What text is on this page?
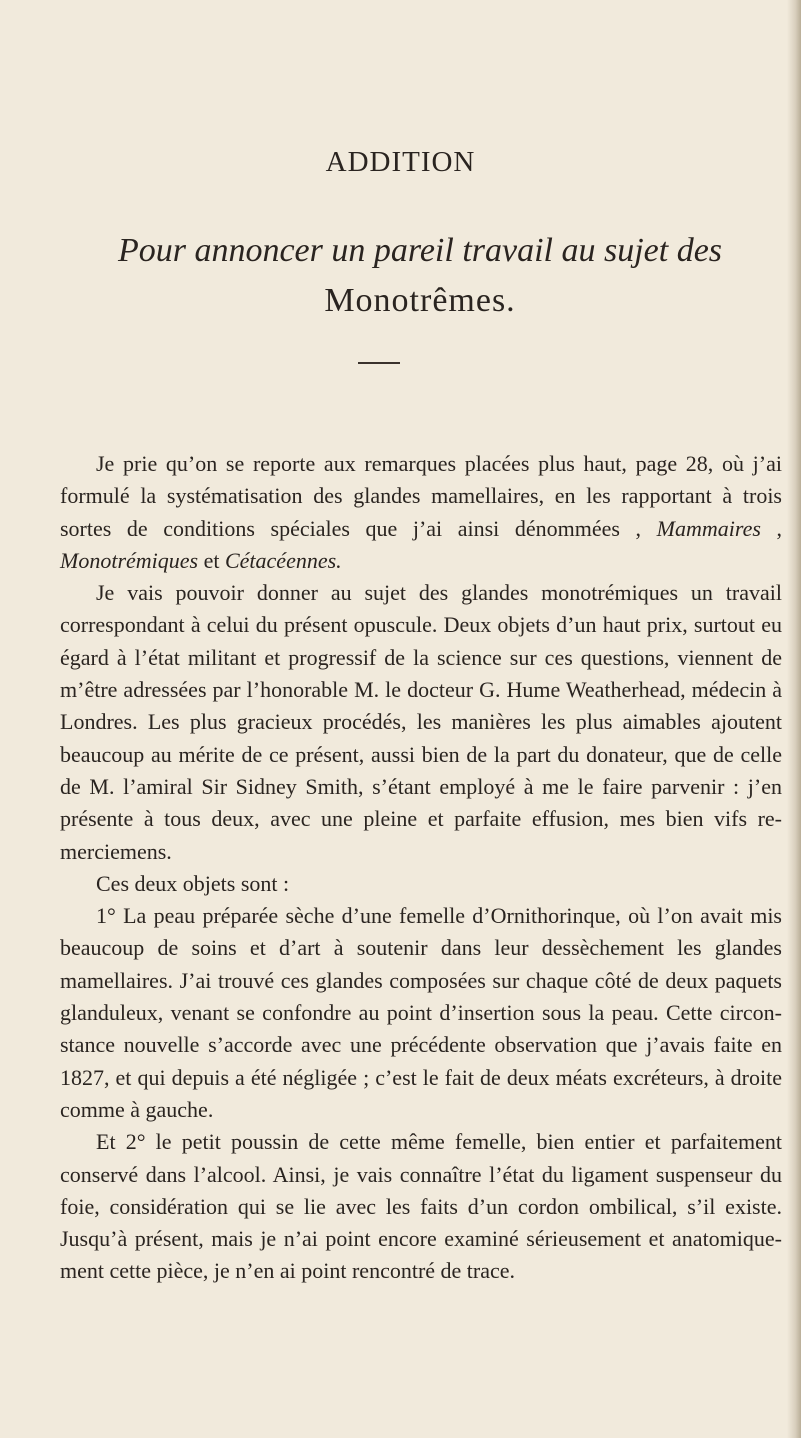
ADDITION
Pour annoncer un pareil travail au sujet des
Monotrêmes.

Je prie qu’on se reporte aux remarques placées plus haut, page 28, où j’ai formulé la systématisation des glandes mamellaires, en les rapportant à trois sortes de conditions spéciales que j’ai ainsi dénommées , Mammaires , Monotrémiques et Cétacéennes.

Je vais pouvoir donner au sujet des glandes monotrémiques un travail correspondant à celui du présent opuscule. Deux objets d’un haut prix, surtout eu égard à l’état militant et progressif de la science sur ces questions, viennent de m’être adressées par l’honorable M. le docteur G. Hume Weatherhead, médecin à Londres. Les plus gracieux procédés, les manières les plus aimables ajoutent beaucoup au mérite de ce présent, aussi bien de la part du donateur, que de celle de M. l’amiral Sir Sidney Smith, s’étant employé à me le faire parvenir : j’en présente à tous deux, avec une pleine et parfaite effusion, mes bien vifs remerciemens.

Ces deux objets sont :

1° La peau préparée sèche d’une femelle d’Ornithorinque, où l’on avait mis beaucoup de soins et d’art à soutenir dans leur dessèchement les glandes mamellaires. J’ai trouvé ces glandes composées sur chaque côté de deux paquets glanduleux, venant se confondre au point d’insertion sous la peau. Cette circonstance nouvelle s’accorde avec une précédente observation que j’avais faite en 1827, et qui depuis a été négligée ; c’est le fait de deux méats excréteurs, à droite comme à gauche.

Et 2° le petit poussin de cette même femelle, bien entier et parfaitement conservé dans l’alcool. Ainsi, je vais connaître l’état du ligament suspenseur du foie, considération qui se lie avec les faits d’un cordon ombilical, s’il existe. Jusqu’à présent, mais je n’ai point encore examiné sérieusement et anatomiquement cette pièce, je n’en ai point rencontré de trace.
